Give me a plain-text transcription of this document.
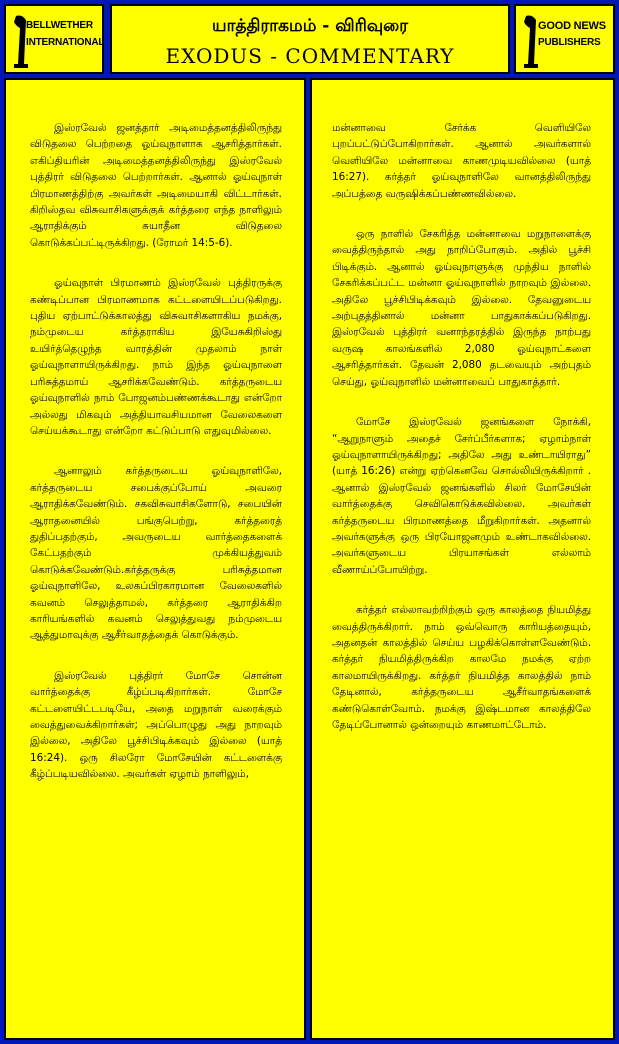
BELLWETHER
INTERNATIONAL
யாத்திராகமம் - விரிவுரை
EXODUS - COMMENTARY
GOOD NEWS
PUBLISHERS

இஸ்ரவேல் ஜனத்தார் அடிமைத்தனத்திலிருந்து விடுதலை பெற்றதை ஓய்வுநாளாக ஆசரித்தார்கள். எகிப்தியரின் அடிமைத்தனத்திலிருந்து இஸ்ரவேல் புத்திரர் விடுதலை பெற்றார்கள். ஆனால் ஓய்வுநாள் பிரமாணத்திற்கு அவர்கள் அடிமையாகி விட்டார்கள். கிறிஸ்தவ விசுவாசிகளுக்குக் கர்த்தரை எந்த நாளிலும் ஆராதிக்கும் சுயாதீன விடுதலை கொடுக்கப்பட்டிருக்கிறது. (ரோமர் 14:5-6).

ஓய்வுநாள் பிரமாணம் இஸ்ரவேல் புத்திரருக்கு கண்டிப்பான பிரமாணமாக கட்டளையிடப்படுகிறது. புதிய ஏற்பாட்டுக்காலத்து விசுவாசிகளாகிய நமக்கு, நம்முடைய கர்த்தராகிய இயேசுகிறிஸ்து உயிர்த்தெழுந்த வாரத்தின் முதலாம் நாள் ஓய்வுநாளாயிருக்கிறது. நாம் இந்த ஓய்வுநாளை பரிசுத்தமாய் ஆசரிக்கவேண்டும். கர்த்தருடைய ஓய்வுநாளில் நாம் போஜனம்பண்ணக்கூடாது என்றோ அல்லது மிகவும் அத்தியாவசியமான வேலைகளை செய்யக்கூடாது என்றோ கட்டுப்பாடு எதுவுமில்லை.

ஆனாலும் கர்த்தருடைய ஓய்வுநாளிலே, கர்த்தருடைய சபைக்குப்போய் அவரை ஆராதிக்கவேண்டும். சகவிசுவாசிகளோடு, சபையின் ஆராதனையில் பங்குபெற்று, கர்த்தரைத் துதிப்பதற்கும், அவருடைய வார்த்தைகளைக் கேட்பதற்கும் முக்கியத்துவம் கொடுக்கவேண்டும்.கர்த்தருக்கு பரிசுத்தமான ஓய்வுநாளிலே, உலகப்பிரகாரமான வேலைகளில் கவனம் செலுத்தாமல், கர்த்தரை ஆராதிக்கிற காரியங்களில் கவனம் செலுத்துவது நம்முடைய ஆத்துமாவுக்கு ஆசீர்வாதத்தைக் கொடுக்கும்.

இஸ்ரவேல் புத்திரர் மோசே சொன்ன வார்த்தைக்கு கீழ்ப்படிகிறார்கள். மோசே கட்டளையிட்டபடியே, அதை மறுநாள் வரைக்கும் வைத்துவைக்கிறார்கள்; அப்பொழுது அது நாறவும் இல்லை, அதிலே பூச்சிபிடிக்கவும் இல்லை (யாத் 16:24). ஒரு சிலரோ மோசேயின் கட்டளைக்கு கீழ்ப்படியவில்லை. அவர்கள் ஏழாம் நாளிலும்,

மன்னாவை சேர்க்க வெளியிலே புறப்பட்டுப்போகிறார்கள். ஆனால் அவர்களால் வெளியிலே மன்னாவை காணமுடியவில்லை (யாத் 16:27). கர்த்தர் ஓய்வுநாளிலே வானத்திலிருந்து அப்பத்தை வருஷிக்கப்பண்ணவில்லை.

ஒரு நாளில் சேகரித்த மன்னாவை மறுநாளைக்கு வைத்திருந்தால் அது நாறிப்போகும். அதில் பூச்சி பிடிக்கும். ஆனால் ஓய்வுநாளுக்கு முந்திய நாளில் சேகரிக்கப்பட்ட மன்னா ஓய்வுநாளில் நாறவும் இல்லை. அதிலே பூச்சிபிடிக்கவும் இல்லை. தேவனுடைய அற்புதத்தினால் மன்னா பாதுகாக்கப்படுகிறது. இஸ்ரவேல் புத்திரர் வனாந்தரத்தில் இருந்த நாற்பது வருஷ காலங்களில் 2,080 ஓய்வுநாட்களை ஆசரித்தார்கள். தேவன் 2,080 தடவையும் அற்புதம் செய்து, ஓய்வுநாளில் மன்னாவைப் பாதுகாத்தார்.

மோசே இஸ்ரவேல் ஜனங்களை நோக்கி, “ஆறுநாளும் அதைச் சேர்ப்பீர்களாக; ஏழாம்நாள் ஓய்வுநாளாயிருக்கிறது; அதிலே அது உண்டாயிராது” (யாத் 16:26) என்று ஏற்கெனவே சொல்லியிருக்கிறார் . ஆனால் இஸ்ரவேல் ஜனங்களில் சிலர் மோசேயின் வார்த்தைக்கு செவிகொடுக்கவில்லை. அவர்கள் கர்த்தருடைய பிரமாணத்தை மீறுகிறார்கள். அதனால் அவர்களுக்கு ஒரு பிரயோஜனமும் உண்டாகவில்லை. அவர்களுடைய பிரயாசங்கள் எல்லாம் வீணாய்ப்போயிற்று.

கர்த்தர் எல்லாவற்றிற்கும் ஒரு காலத்தை நியமித்து வைத்திருக்கிறார். நாம் ஒவ்வொரு காரியத்தையும், அதனதன் காலத்தில் செய்ய பழகிக்கொள்ளவேண்டும். கர்த்தர் நியமித்திருக்கிற காலமே நமக்கு ஏற்ற காலமாயிருக்கிறது. கர்த்தர் நியமித்த காலத்தில் நாம் தேடினால், கர்த்தருடைய ஆசீர்வாதங்களைக் கண்டுகொள்வோம். நமக்கு இஷ்டமான காலத்திலே தேடிப்போனால் ஒன்றையும் காணமாட்டோம்.
